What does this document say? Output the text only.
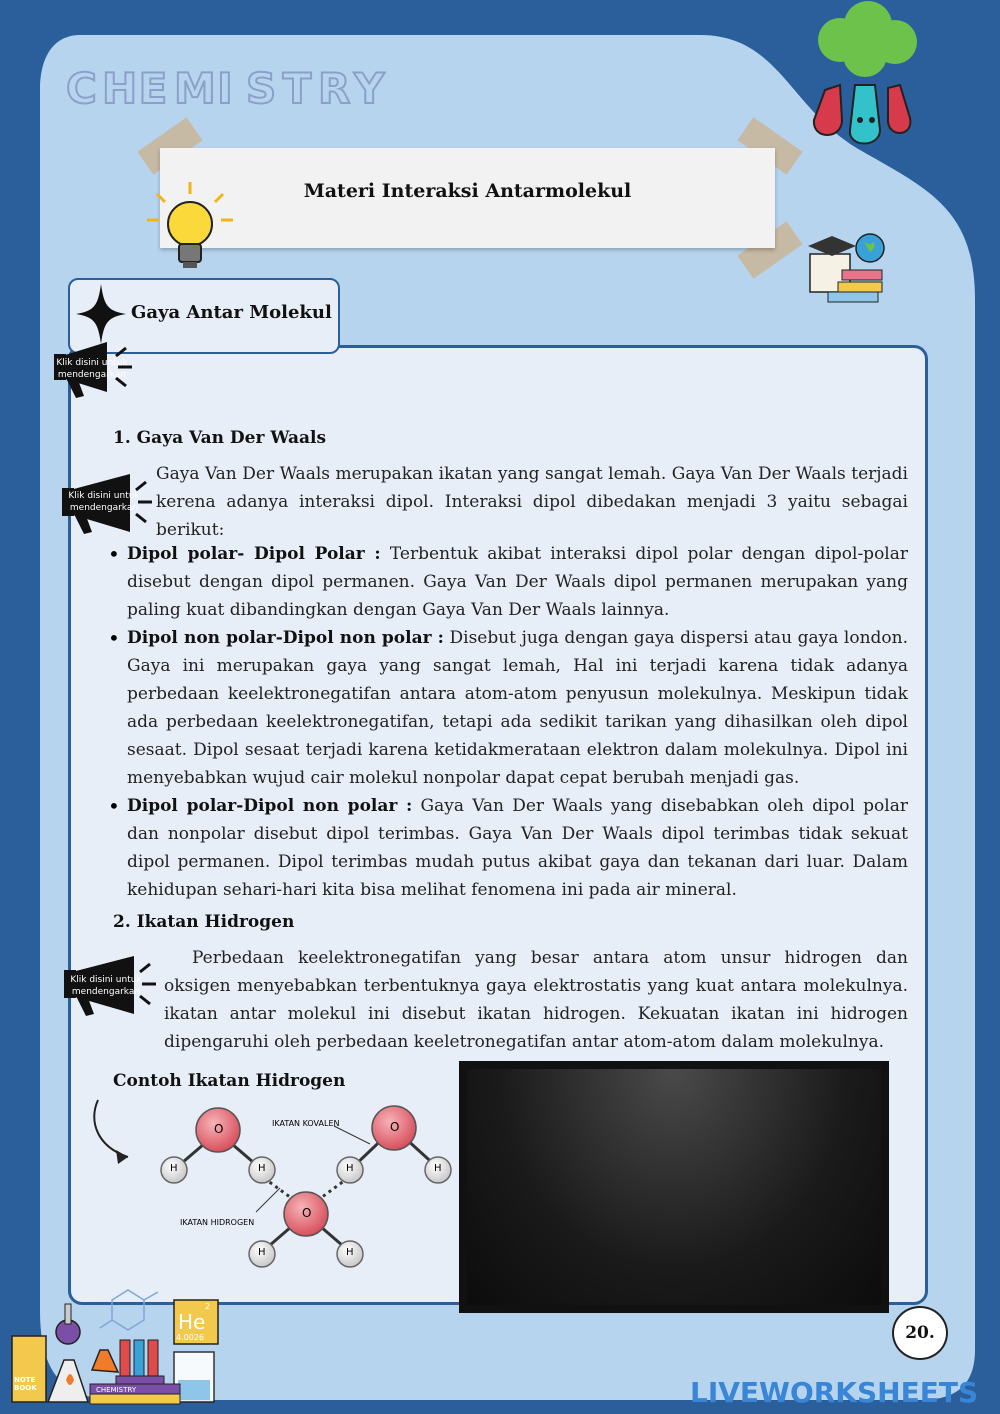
C H E M I S T R Y
Materi Interaksi Antarmolekul
Gaya Antar Molekul
Klik disini untuk mendengarkan
Klik disini untuk mendengarkan
Klik disini untuk mendengarkan
1. Gaya Van Der Waals
Gaya Van Der Waals merupakan ikatan yang sangat lemah. Gaya Van Der Waals terjadi kerena adanya interaksi dipol. Interaksi dipol dibedakan menjadi 3 yaitu sebagai berikut:
• Dipol polar- Dipol Polar : Terbentuk akibat interaksi dipol polar dengan dipol-polar disebut dengan dipol permanen. Gaya Van Der Waals dipol permanen merupakan yang paling kuat dibandingkan dengan Gaya Van Der Waals lainnya.
• Dipol non polar-Dipol non polar : Disebut juga dengan gaya dispersi atau gaya london. Gaya ini merupakan gaya yang sangat lemah, Hal ini terjadi karena tidak adanya perbedaan keelektronegatifan antara atom-atom penyusun molekulnya. Meskipun tidak ada perbedaan keelektronegatifan, tetapi ada sedikit tarikan yang dihasilkan oleh dipol sesaat. Dipol sesaat terjadi karena ketidakmerataan elektron dalam molekulnya. Dipol ini menyebabkan wujud cair molekul nonpolar dapat cepat berubah menjadi gas.
• Dipol polar-Dipol non polar : Gaya Van Der Waals yang disebabkan oleh dipol polar dan nonpolar disebut dipol terimbas. Gaya Van Der Waals dipol terimbas tidak sekuat dipol permanen. Dipol terimbas mudah putus akibat gaya dan tekanan dari luar. Dalam kehidupan sehari-hari kita bisa melihat fenomena ini pada air mineral.
2. Ikatan Hidrogen
Perbedaan keelektronegatifan yang besar antara atom unsur hidrogen dan oksigen menyebabkan terbentuknya gaya elektrostatis yang kuat antara molekulnya. ikatan antar molekul ini disebut ikatan hidrogen. Kekuatan ikatan ini hidrogen dipengaruhi oleh perbedaan keeletronegatifan antar atom-atom dalam molekulnya.
Contoh Ikatan Hidrogen
O	O
O
H	H	H	H
H	H
IKATAN KOVALEN
IKATAN HIDROGEN
NOTE BOOK	CHEMISTRY
He
2
4.0026	20.
LIVEWORKSHEETS
